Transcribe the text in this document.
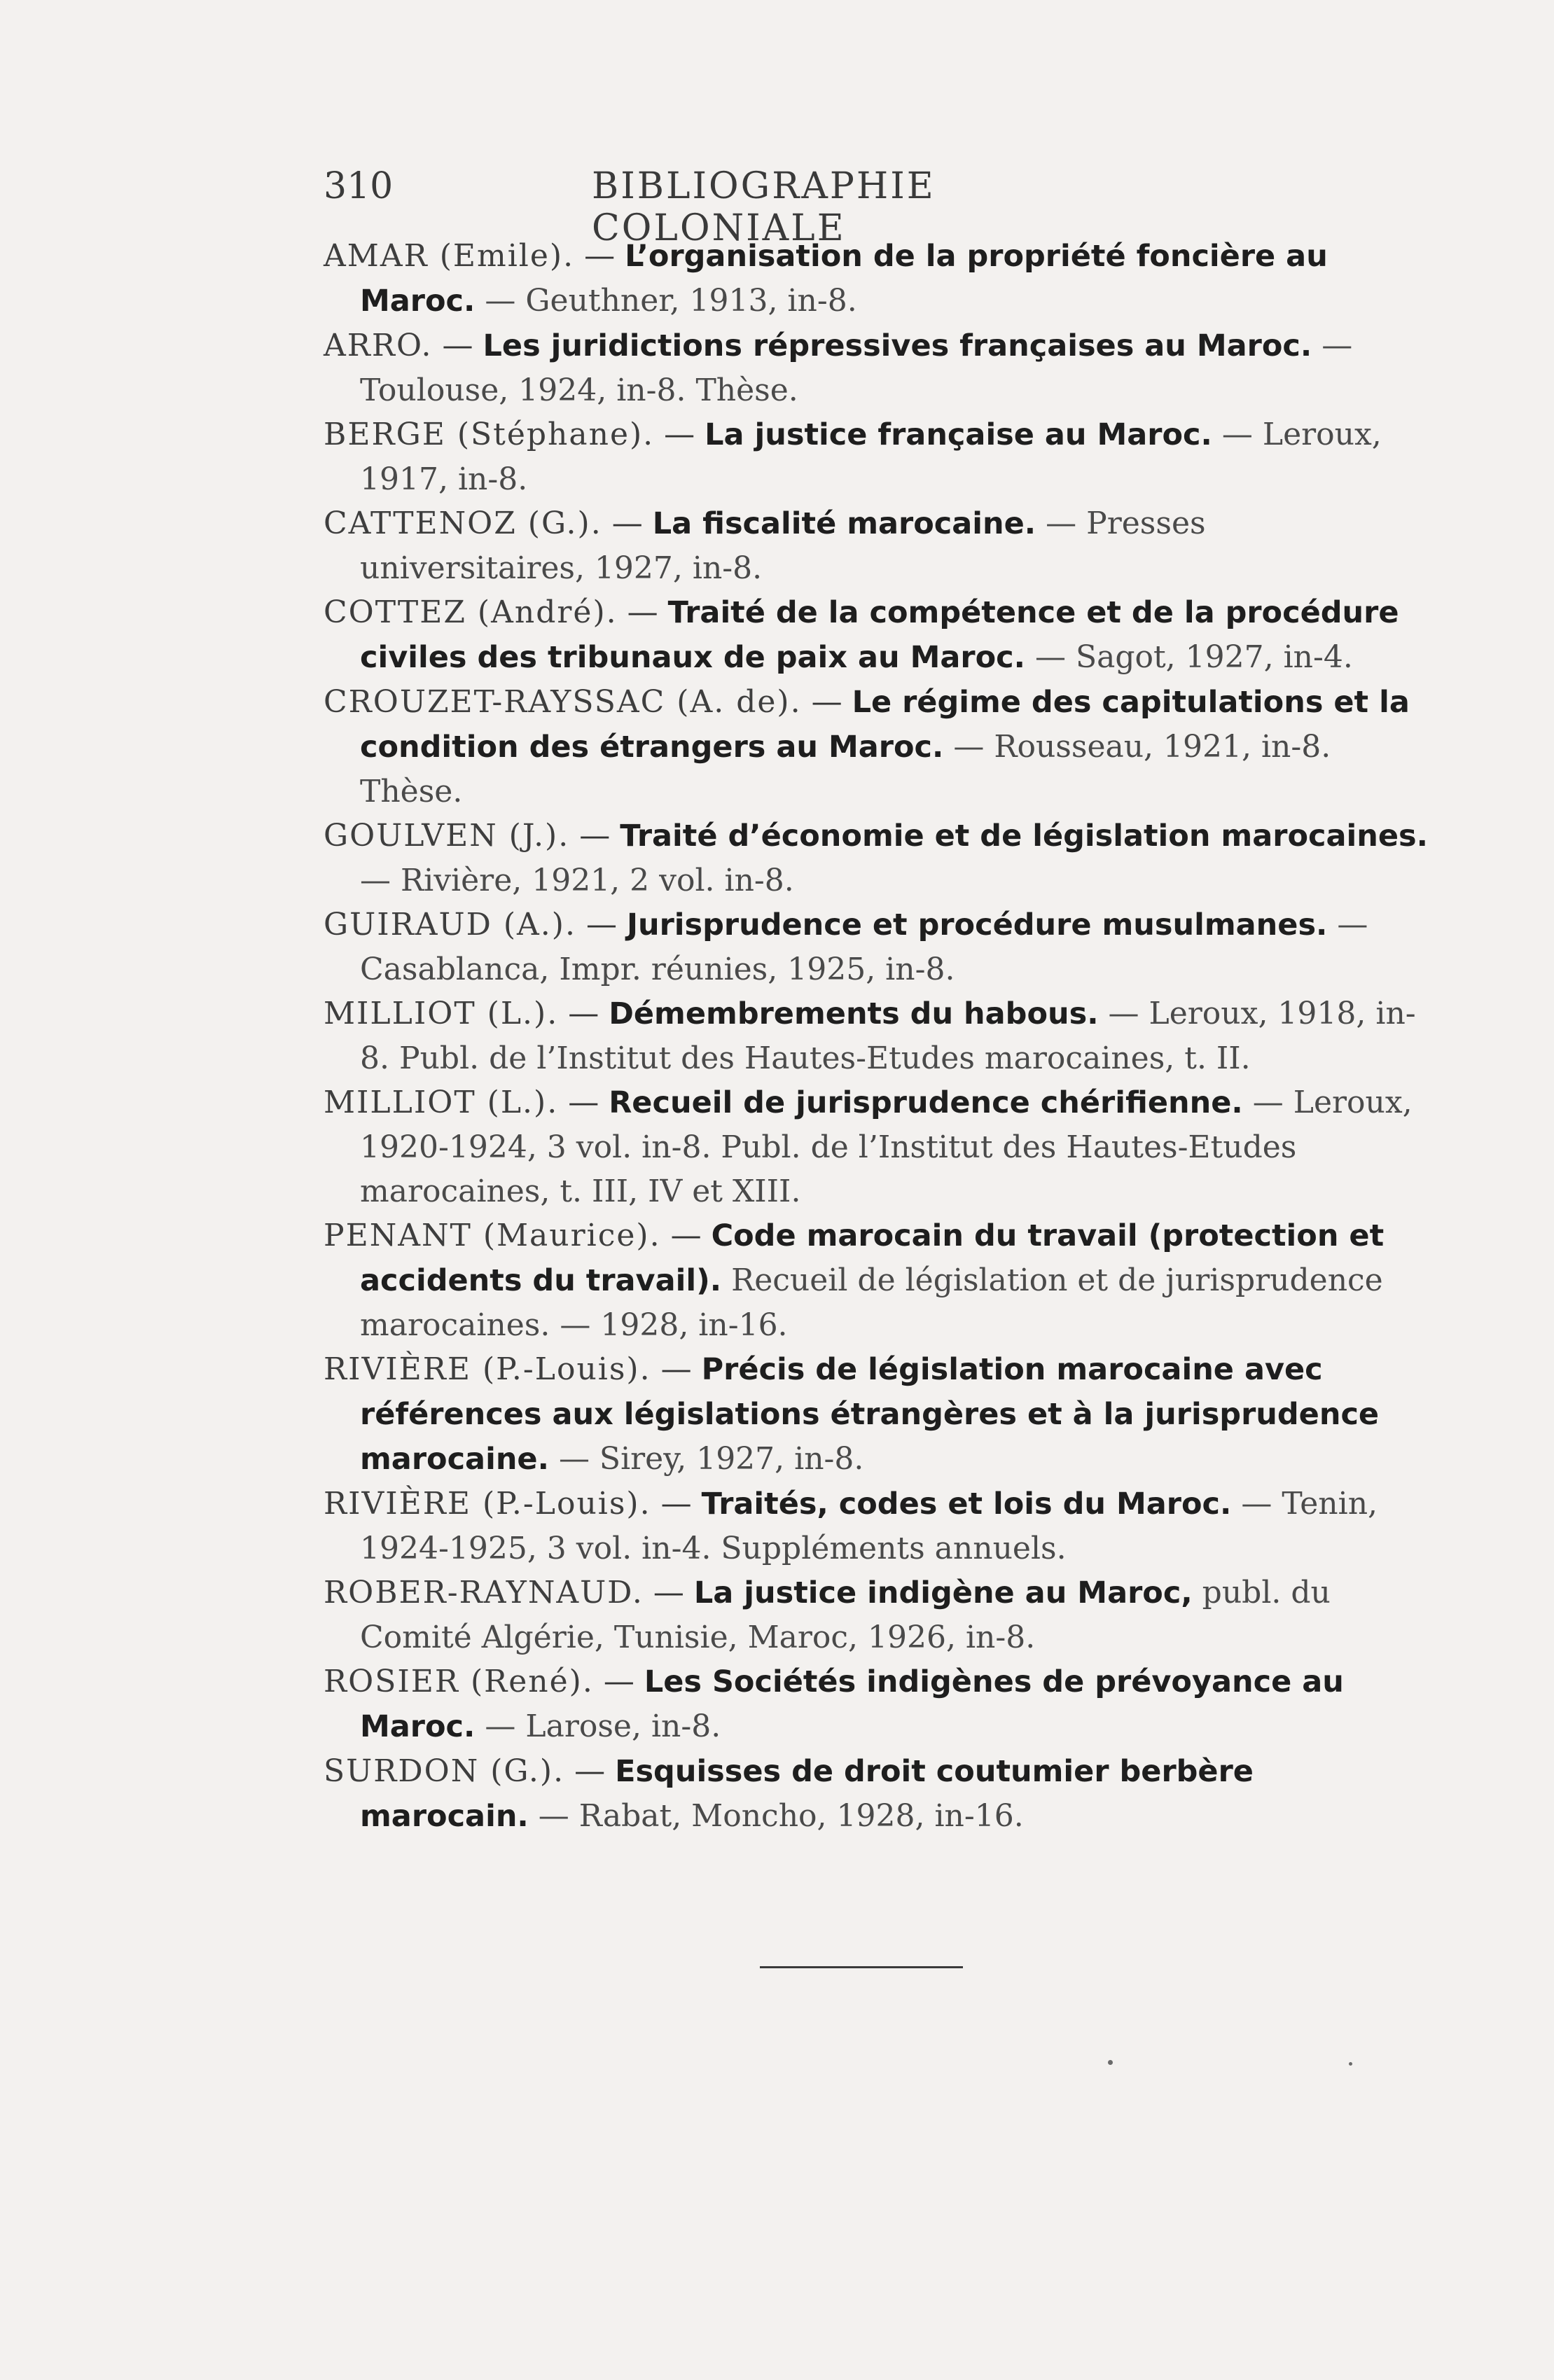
310	BIBLIOGRAPHIE COLONIALE

AMAR (Emile). — L’organisation de la propriété foncière au Maroc. — Geuthner, 1913, in-8.

ARRO. — Les juridictions répressives françaises au Maroc. — Toulouse, 1924, in-8. Thèse.

BERGE (Stéphane). — La justice française au Maroc. — Leroux, 1917, in-8.

CATTENOZ (G.). — La fiscalité marocaine. — Presses universitaires, 1927, in-8.

COTTEZ (André). — Traité de la compétence et de la procédure civiles des tribunaux de paix au Maroc. — Sagot, 1927, in-4.

CROUZET-RAYSSAC (A. de). — Le régime des capitulations et la condition des étrangers au Maroc. — Rousseau, 1921, in-8. Thèse.

GOULVEN (J.). — Traité d’économie et de législation marocaines. — Rivière, 1921, 2 vol. in-8.

GUIRAUD (A.). — Jurisprudence et procédure musulmanes. — Casablanca, Impr. réunies, 1925, in-8.

MILLIOT (L.). — Démembrements du habous. — Leroux, 1918, in-8. Publ. de l’Institut des Hautes-Etudes marocaines, t. II.

MILLIOT (L.). — Recueil de jurisprudence chérifienne. — Leroux, 1920-1924, 3 vol. in-8. Publ. de l’Institut des Hautes-Etudes marocaines, t. III, IV et XIII.

PENANT (Maurice). — Code marocain du travail (protection et accidents du travail). Recueil de législation et de jurisprudence marocaines. — 1928, in-16.

RIVIÈRE (P.-Louis). — Précis de législation marocaine avec références aux législations étrangères et à la jurisprudence marocaine. — Sirey, 1927, in-8.

RIVIÈRE (P.-Louis). — Traités, codes et lois du Maroc. — Tenin, 1924-1925, 3 vol. in-4. Suppléments annuels.

ROBER-RAYNAUD. — La justice indigène au Maroc, publ. du Comité Algérie, Tunisie, Maroc, 1926, in-8.

ROSIER (René). — Les Sociétés indigènes de prévoyance au Maroc. — Larose, in-8.

SURDON (G.). — Esquisses de droit coutumier berbère marocain. — Rabat, Moncho, 1928, in-16.
